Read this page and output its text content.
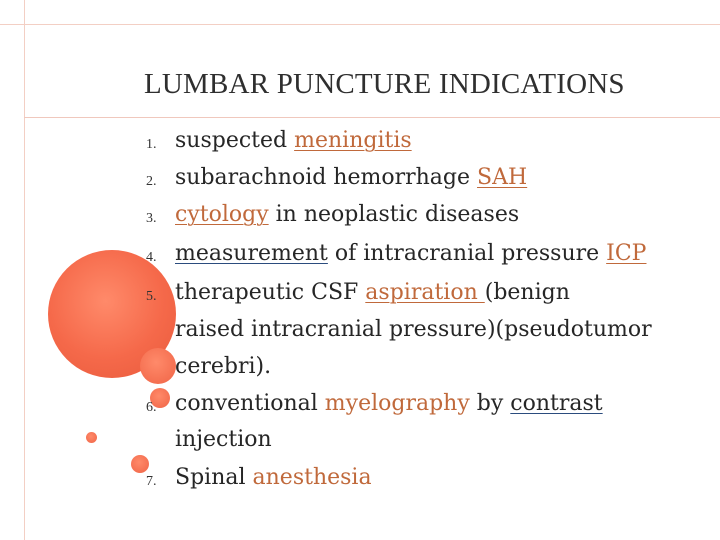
LUMBAR PUNCTURE INDICATIONS
1. suspected meningitis
2. subarachnoid hemorrhage SAH
3. cytology in neoplastic diseases
4. measurement of intracranial pressure ICP
5. therapeutic CSF aspiration (benign
raised intracranial pressure)(pseudotumor
cerebri).
6. conventional myelography by contrast
injection
7. Spinal anesthesia
